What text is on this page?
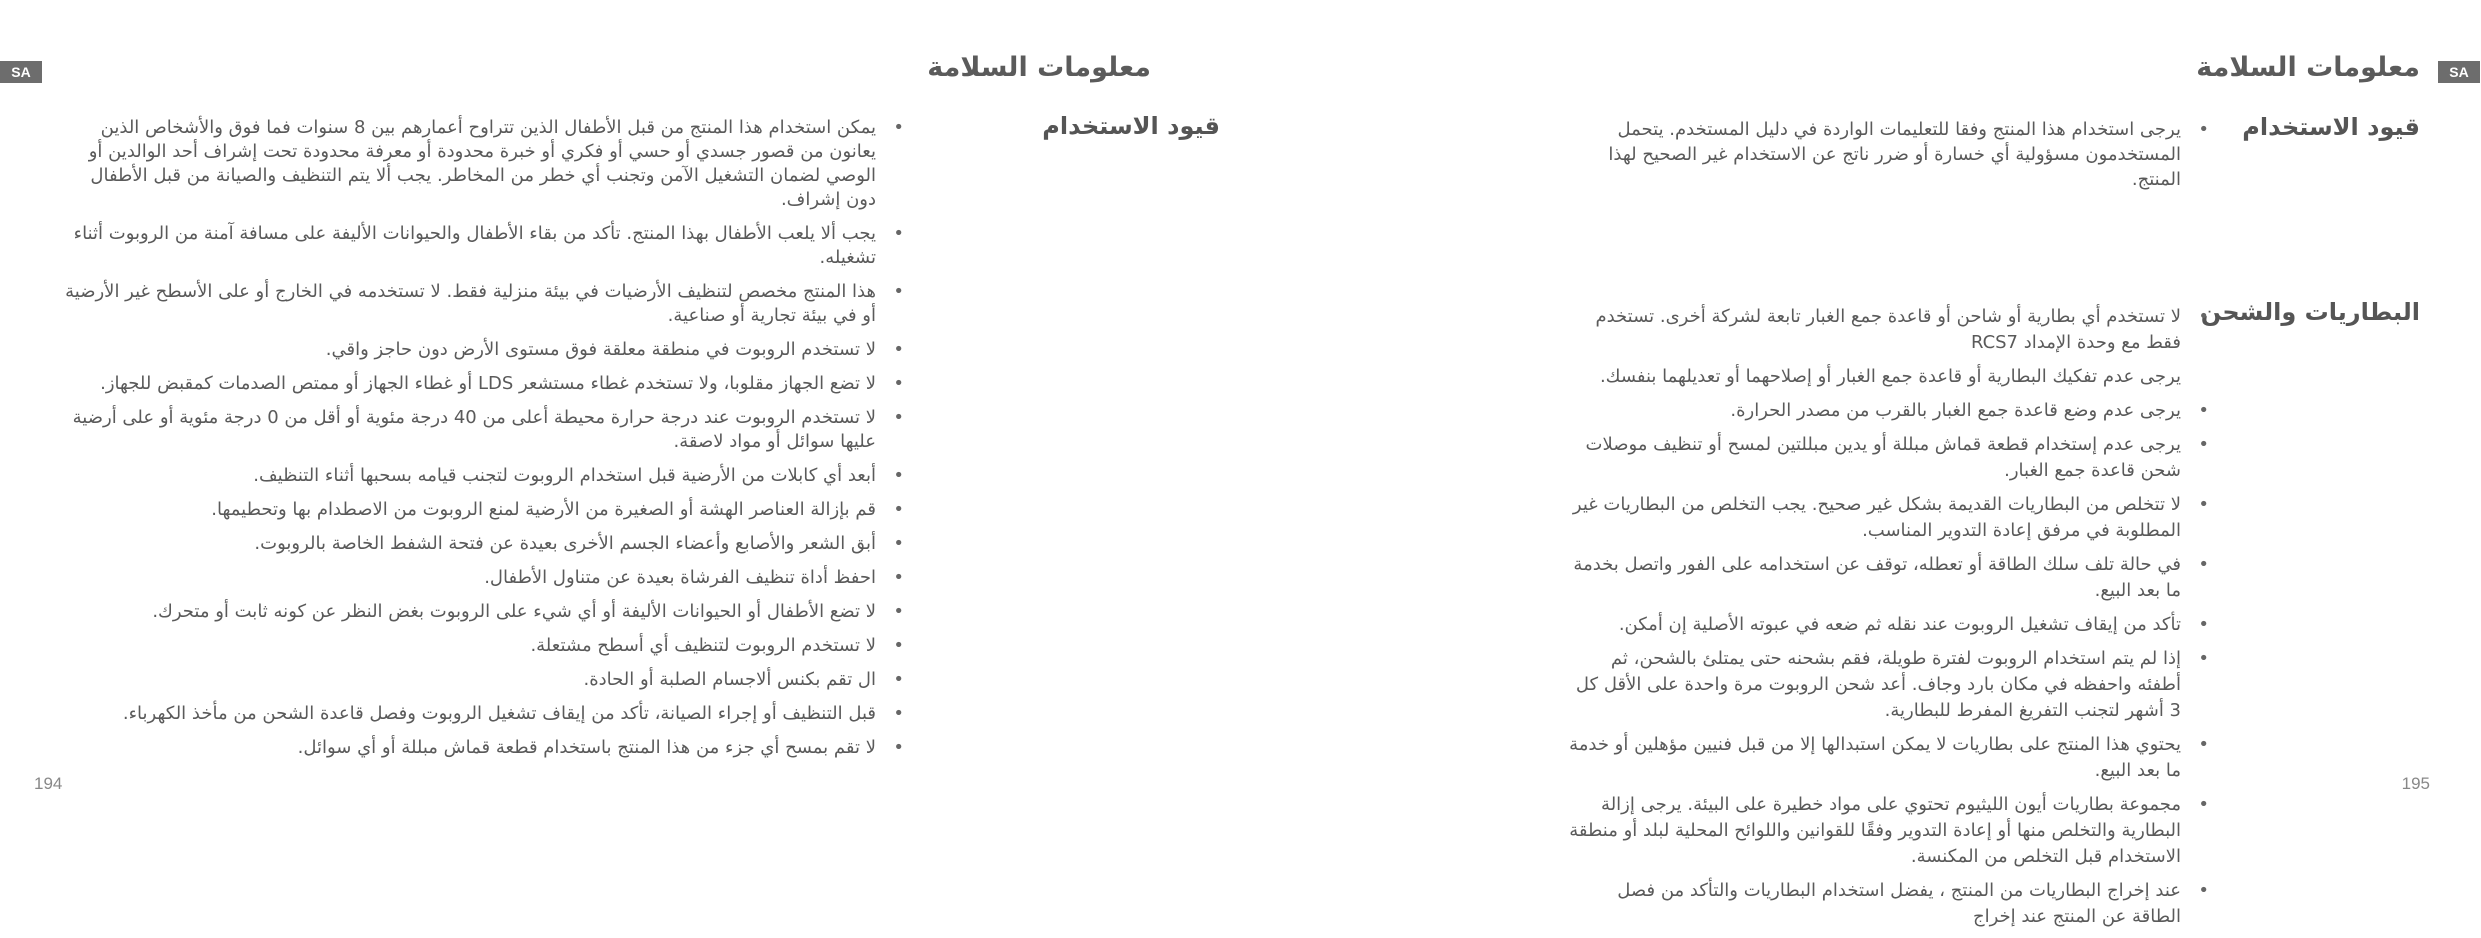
SA	معلومات السلامة
قيود الاستخدام
• يمكن استخدام هذا المنتج من قبل الأطفال الذين تتراوح أعمارهم بين 8 سنوات فما فوق والأشخاص الذين يعانون من قصور جسدي أو حسي أو فكري أو خبرة محدودة أو معرفة محدودة تحت إشراف أحد الوالدين أو الوصي لضمان التشغيل الآمن وتجنب أي خطر من المخاطر. يجب ألا يتم التنظيف والصيانة من قبل الأطفال دون إشراف.
• يجب ألا يلعب الأطفال بهذا المنتج. تأكد من بقاء الأطفال والحيوانات الأليفة على مسافة آمنة من الروبوت أثناء تشغيله.
• هذا المنتج مخصص لتنظيف الأرضيات في بيئة منزلية فقط. لا تستخدمه في الخارج أو على الأسطح غير الأرضية أو في بيئة تجارية أو صناعية.
• لا تستخدم الروبوت في منطقة معلقة فوق مستوى الأرض دون حاجز واقي.
• لا تضع الجهاز مقلوبا، ولا تستخدم غطاء مستشعر LDS أو غطاء الجهاز أو ممتص الصدمات كمقبض للجهاز.
• لا تستخدم الروبوت عند درجة حرارة محيطة أعلى من 40 درجة مئوية أو أقل من 0 درجة مئوية أو على أرضية عليها سوائل أو مواد لاصقة.
• أبعد أي كابلات من الأرضية قبل استخدام الروبوت لتجنب قيامه بسحبها أثناء التنظيف.
• قم بإزالة العناصر الهشة أو الصغيرة من الأرضية لمنع الروبوت من الاصطدام بها وتحطيمها.
• أبق الشعر والأصابع وأعضاء الجسم الأخرى بعيدة عن فتحة الشفط الخاصة بالروبوت.
• احفظ أداة تنظيف الفرشاة بعيدة عن متناول الأطفال.
• لا تضع الأطفال أو الحيوانات الأليفة أو أي شيء على الروبوت بغض النظر عن كونه ثابت أو متحرك.
• لا تستخدم الروبوت لتنظيف أي أسطح مشتعلة.
• ال تقم بكنس ألاجسام الصلبة أو الحادة.
• قبل التنظيف أو إجراء الصيانة، تأكد من إيقاف تشغيل الروبوت وفصل قاعدة الشحن من مأخذ الكهرباء.
• لا تقم بمسح أي جزء من هذا المنتج باستخدام قطعة قماش مبللة أو أي سوائل.
194
SA
معلومات السلامة
قيود الاستخدام
• يرجى استخدام هذا المنتج وفقا للتعليمات الواردة في دليل المستخدم. يتحمل المستخدمون مسؤولية أي خسارة أو ضرر ناتج عن الاستخدام غير الصحيح لهذا المنتج.
البطاريات والشحن
• لا تستخدم أي بطارية أو شاحن أو قاعدة جمع الغبار تابعة لشركة أخرى. تستخدم فقط مع وحدة الإمداد RCS7
يرجى عدم تفكيك البطارية أو قاعدة جمع الغبار أو إصلاحهما أو تعديلهما بنفسك.
• يرجى عدم وضع قاعدة جمع الغبار بالقرب من مصدر الحرارة.
• يرجى عدم إستخدام قطعة قماش مبللة أو يدين مبللتين لمسح أو تنظيف موصلات شحن قاعدة جمع الغبار.
• لا تتخلص من البطاريات القديمة بشكل غير صحيح. يجب التخلص من البطاريات غير المطلوبة في مرفق إعادة التدوير المناسب.
• في حالة تلف سلك الطاقة أو تعطله، توقف عن استخدامه على الفور واتصل بخدمة ما بعد البيع.
• تأكد من إيقاف تشغيل الروبوت عند نقله ثم ضعه في عبوته الأصلية إن أمكن.
• إذا لم يتم استخدام الروبوت لفترة طويلة، فقم بشحنه حتى يمتلئ بالشحن، ثم أطفئه واحفظه في مكان بارد وجاف. أعد شحن الروبوت مرة واحدة على الأقل كل 3 أشهر لتجنب التفريغ المفرط للبطارية.
• يحتوي هذا المنتج على بطاريات لا يمكن استبدالها إلا من قبل فنيين مؤهلين أو خدمة ما بعد البيع.
• مجموعة بطاريات أيون الليثيوم تحتوي على مواد خطيرة على البيئة. يرجى إزالة البطارية والتخلص منها أو إعادة التدوير وفقًا للقوانين واللوائح المحلية لبلد أو منطقة الاستخدام قبل التخلص من المكنسة.
• عند إخراج البطاريات من المنتج ، يفضل استخدام البطاريات والتأكد من فصل الطاقة عن المنتج عند إخراج
195
